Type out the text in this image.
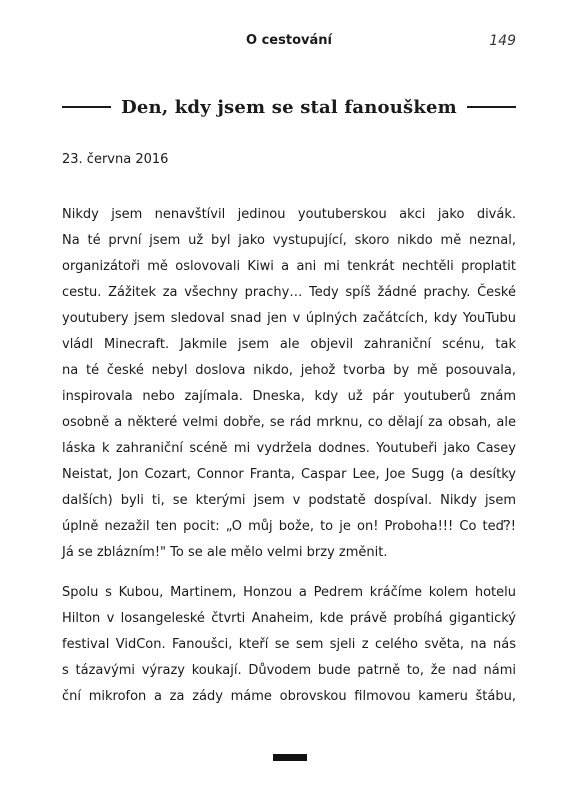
O cestování	149
Den, kdy jsem se stal fanouškem
23. června 2016
Nikdy jsem nenavštívil jedinou youtuberskou akci jako divák.
Na té první jsem už byl jako vystupující, skoro nikdo mě neznal,
organizátoři mě oslovovali Kiwi a ani mi tenkrát nechtěli proplatit
cestu. Zážitek za všechny prachy… Tedy spíš žádné prachy. České
youtubery jsem sledoval snad jen v úplných začátcích, kdy YouTubu
vládl Minecraft. Jakmile jsem ale objevil zahraniční scénu, tak
na té české nebyl doslova nikdo, jehož tvorba by mě posouvala,
inspirovala nebo zajímala. Dneska, kdy už pár youtuberů znám
osobně a některé velmi dobře, se rád mrknu, co dělají za obsah, ale
láska k zahraniční scéně mi vydržela dodnes. Youtubeři jako Casey
Neistat, Jon Cozart, Connor Franta, Caspar Lee, Joe Sugg (a desítky
dalších) byli ti, se kterými jsem v podstatě dospíval. Nikdy jsem
úplně nezažil ten pocit: „O můj bože, to je on! Proboha!!! Co teď?!
Já se zblázním!" To se ale mělo velmi brzy změnit.
Spolu s Kubou, Martinem, Honzou a Pedrem kráčíme kolem hotelu
Hilton v losangeleské čtvrti Anaheim, kde právě probíhá gigantický
festival VidCon. Fanoušci, kteří se sem sjeli z celého světa, na nás
s tázavými výrazy koukají. Důvodem bude patrně to, že nad námi
ční mikrofon a za zády máme obrovskou filmovou kameru štábu,
